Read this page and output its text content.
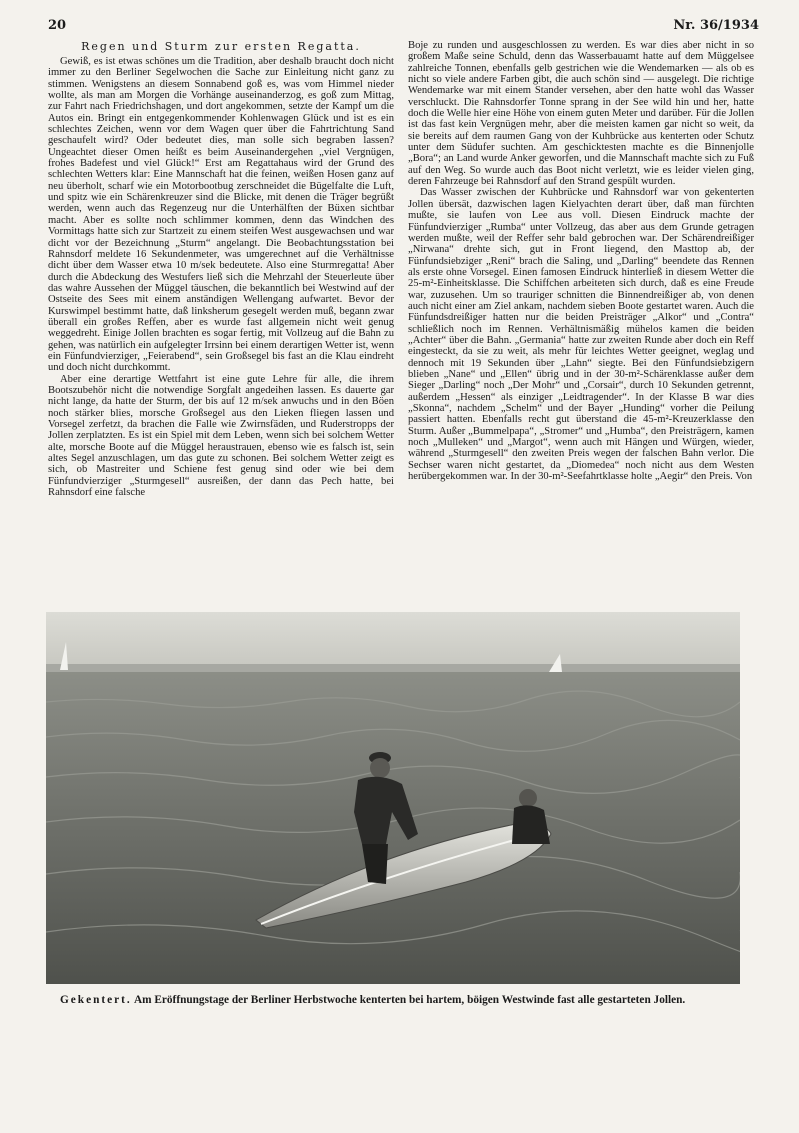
20	Nr. 36/1934
Regen und Sturm zur ersten Regatta.

Gewiß, es ist etwas schönes um die Tradition, aber deshalb braucht doch nicht immer zu den Berliner Segelwochen die Sache zur Einleitung nicht ganz zu stimmen. Wenigstens an diesem Sonnabend goß es, was vom Himmel nieder wollte, als man am Morgen die Vorhänge auseinanderzog, es goß zum Mittag, zur Fahrt nach Friedrichshagen, und dort angekommen, setzte der Kampf um die Autos ein. Bringt ein entgegenkommender Kohlenwagen Glück und ist es ein schlechtes Zeichen, wenn vor dem Wagen quer über die Fahrtrichtung Sand geschaufelt wird? Oder bedeutet dies, man solle sich begraben lassen? Ungeachtet dieser Omen heißt es beim Auseinandergehen „viel Vergnügen, frohes Badefest und viel Glück!“ Erst am Regattahaus wird der Grund des schlechten Wetters klar: Eine Mannschaft hat die feinen, weißen Hosen ganz auf neu überholt, scharf wie ein Motorbootbug zerschneidet die Bügelfalte die Luft, und spitz wie ein Schärenkreuzer sind die Blicke, mit denen die Träger begrüßt werden, wenn auch das Regenzeug nur die Unterhälften der Büxen sichtbar macht. Aber es sollte noch schlimmer kommen, denn das Windchen des Vormittags hatte sich zur Startzeit zu einem steifen West ausgewachsen und war dicht vor der Bezeichnung „Sturm“ angelangt. Die Beobachtungsstation bei Rahnsdorf meldete 16 Sekundenmeter, was umgerechnet auf die Verhältnisse dicht über dem Wasser etwa 10 m/sek bedeutete. Also eine Sturmregatta! Aber durch die Abdeckung des Westufers ließ sich die Mehrzahl der Steuerleute über das wahre Aussehen der Müggel täuschen, die bekanntlich bei Westwind auf der Ostseite des Sees mit einem anständigen Wellengang aufwartet. Bevor der Kurswimpel bestimmt hatte, daß linksherum gesegelt werden muß, begann zwar überall ein großes Reffen, aber es wurde fast allgemein nicht weit genug weggedreht. Einige Jollen brachten es sogar fertig, mit Vollzeug auf die Bahn zu gehen, was natürlich ein aufgelegter Irrsinn bei einem derartigen Wetter ist, wenn ein Fünfundvierziger, „Feierabend“, sein Großsegel bis fast an die Klau eindreht und doch nicht durchkommt.

Aber eine derartige Wettfahrt ist eine gute Lehre für alle, die ihrem Bootszubehör nicht die notwendige Sorgfalt angedeihen lassen. Es dauerte gar nicht lange, da hatte der Sturm, der bis auf 12 m/sek anwuchs und in den Böen noch stärker blies, morsche Großsegel aus den Lieken fliegen lassen und Vorsegel zerfetzt, da brachen die Falle wie Zwirnsfäden, und Ruderstropps der Jollen zerplatzten. Es ist ein Spiel mit dem Leben, wenn sich bei solchem Wetter alte, morsche Boote auf die Müggel heraustrauen, ebenso wie es falsch ist, sein altes Segel anzuschlagen, um das gute zu schonen. Bei solchem Wetter zeigt es sich, ob Mastreiter und Schiene fest genug sind oder wie bei dem Fünfundvierziger „Sturmgesell“ ausreißen, der dann das Pech hatte, bei Rahnsdorf eine falsche

Boje zu runden und ausgeschlossen zu werden. Es war dies aber nicht in so großem Maße seine Schuld, denn das Wasserbauamt hatte auf dem Müggelsee zahlreiche Tonnen, ebenfalls gelb gestrichen wie die Wendemarken — als ob es nicht so viele andere Farben gibt, die auch schön sind — ausgelegt. Die richtige Wendemarke war mit einem Stander versehen, aber den hatte wohl das Wasser verschluckt. Die Rahnsdorfer Tonne sprang in der See wild hin und her, hatte doch die Welle hier eine Höhe von einem guten Meter und darüber. Für die Jollen ist das fast kein Vergnügen mehr, aber die meisten kamen gar nicht so weit, da sie bereits auf dem raumen Gang von der Kuhbrücke aus kenterten oder Schutz unter dem Südufer suchten. Am geschicktesten machte es die Binnenjolle „Bora“; an Land wurde Anker geworfen, und die Mannschaft machte sich zu Fuß auf den Weg. So wurde auch das Boot nicht verletzt, wie es leider vielen ging, deren Fahrzeuge bei Rahnsdorf auf den Strand gespült wurden.

Das Wasser zwischen der Kuhbrücke und Rahnsdorf war von gekenterten Jollen übersät, dazwischen lagen Kielyachten derart über, daß man fürchten mußte, sie laufen von Lee aus voll. Diesen Eindruck machte der Fünfundvierziger „Rumba“ unter Vollzeug, das aber aus dem Grunde getragen werden mußte, weil der Reffer sehr bald gebrochen war. Der Schärendreißiger „Nirwana“ drehte sich, gut in Front liegend, den Masttop ab, der Fünfundsiebziger „Reni“ brach die Saling, und „Darling“ beendete das Rennen als erste ohne Vorsegel. Einen famosen Eindruck hinterließ in diesem Wetter die 25-m²-Einheitsklasse. Die Schiffchen arbeiteten sich durch, daß es eine Freude war, zuzusehen. Um so trauriger schnitten die Binnendreißiger ab, von denen auch nicht einer am Ziel ankam, nachdem sieben Boote gestartet waren. Auch die Fünfundsdreißiger hatten nur die beiden Preisträger „Alkor“ und „Contra“ schließlich noch im Rennen. Verhältnismäßig mühelos kamen die beiden „Achter“ über die Bahn. „Germania“ hatte zur zweiten Runde aber doch ein Reff eingesteckt, da sie zu weit, als mehr für leichtes Wetter geeignet, weglag und dennoch mit 19 Sekunden über „Lahn“ siegte. Bei den Fünfundsiebzigern blieben „Nane“ und „Ellen“ übrig und in der 30-m²-Schärenklasse außer dem Sieger „Darling“ noch „Der Mohr“ und „Corsair“, durch 10 Sekunden getrennt, außerdem „Hessen“ als einziger „Leidtragender“. In der Klasse B war dies „Skonna“, nachdem „Schelm“ und der Bayer „Hunding“ vorher die Peilung passiert hatten. Ebenfalls recht gut überstand die 45-m²-Kreuzerklasse den Sturm. Außer „Bummelpapa“, „Stromer“ und „Humba“, den Preisträgern, kamen noch „Mulleken“ und „Margot“, wenn auch mit Hängen und Würgen, wieder, während „Sturmgesell“ den zweiten Preis wegen der falschen Bahn verlor. Die Sechser waren nicht gestartet, da „Diomedea“ noch nicht aus dem Westen herübergekommen war. In der 30-m²-Seefahrtklasse holte „Aegir“ den Preis. Von

Gekentert. Am Eröffnungstage der Berliner Herbstwoche kenterten bei hartem, böigen Westwinde fast alle gestarteten Jollen.
